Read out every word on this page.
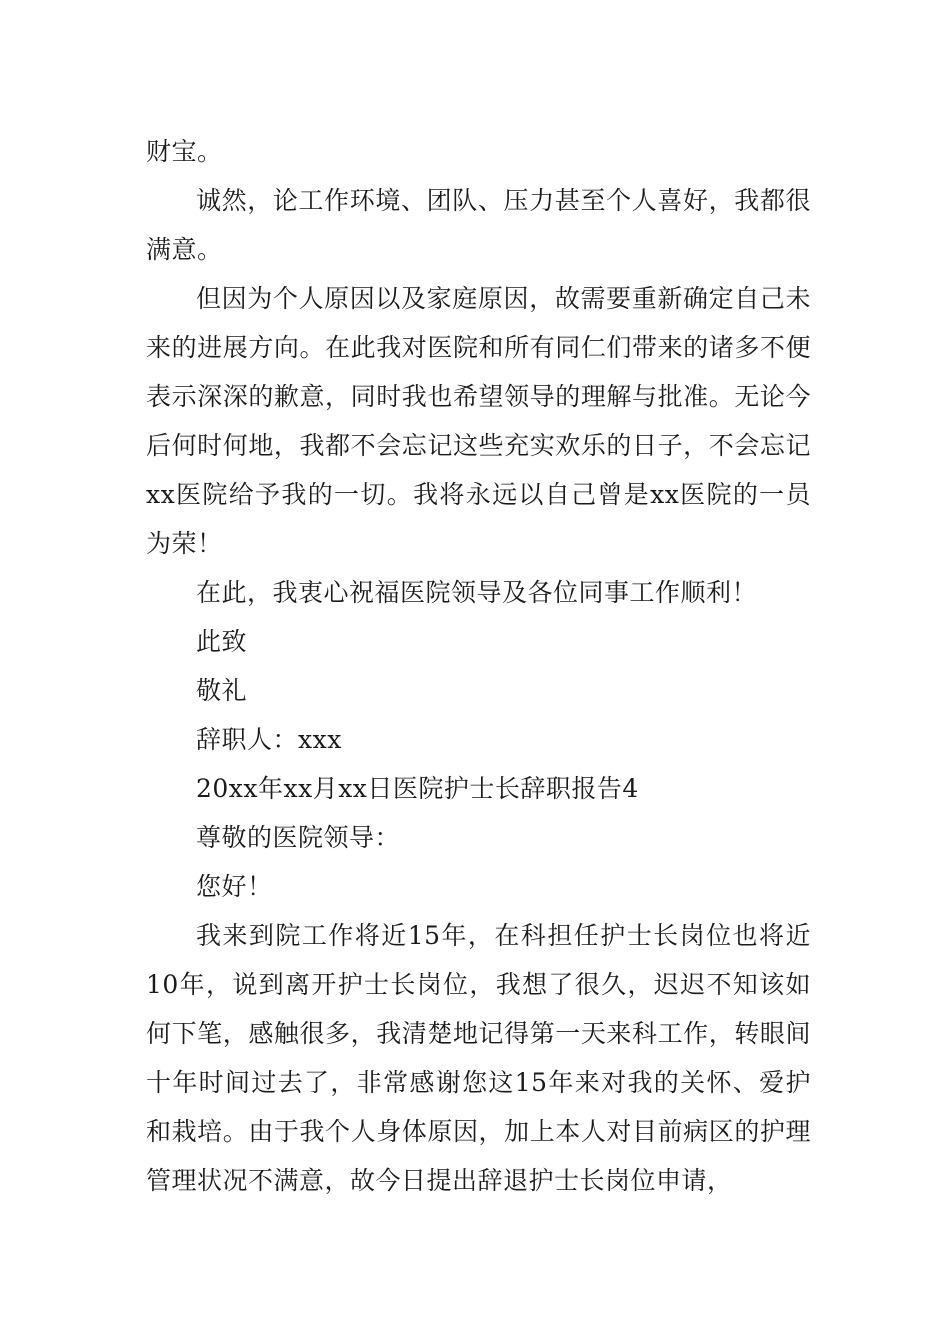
财宝。

诚然，论工作环境、团队、压力甚至个人喜好，我都很满意。

但因为个人原因以及家庭原因，故需要重新确定自己未来的进展方向。在此我对医院和所有同仁们带来的诸多不便表示深深的歉意，同时我也希望领导的理解与批准。无论今后何时何地，我都不会忘记这些充实欢乐的日子，不会忘记xx医院给予我的一切。我将永远以自己曾是xx医院的一员为荣！

在此，我衷心祝福医院领导及各位同事工作顺利！

此致

敬礼

辞职人：xxx

20xx年xx月xx日医院护士长辞职报告4

尊敬的医院领导：

您好！

我来到院工作将近15年，在科担任护士长岗位也将近10年，说到离开护士长岗位，我想了很久，迟迟不知该如何下笔，感触很多，我清楚地记得第一天来科工作，转眼间十年时间过去了，非常感谢您这15年来对我的关怀、爱护和栽培。由于我个人身体原因，加上本人对目前病区的护理管理状况不满意，故今日提出辞退护士长岗位申请，
